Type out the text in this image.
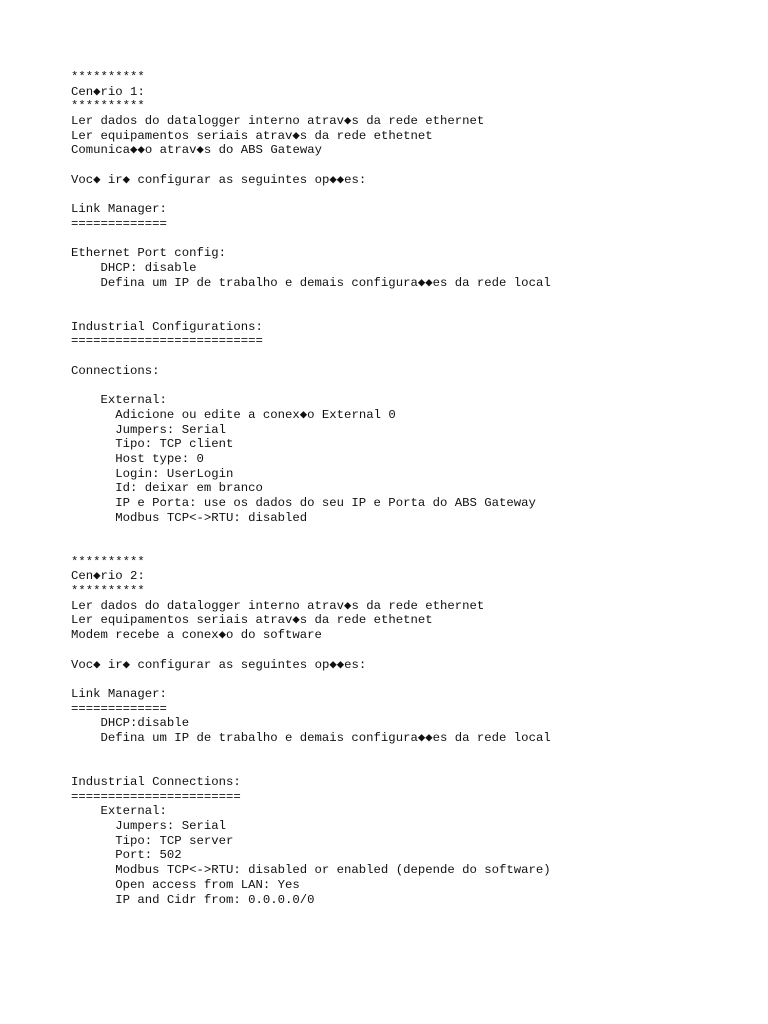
**********
Cen◆rio 1:
**********
Ler dados do datalogger interno atrav◆s da rede ethernet
Ler equipamentos seriais atrav◆s da rede ethetnet
Comunica◆◆o atrav◆s do ABS Gateway
Voc◆ ir◆ configurar as seguintes op◆◆es:
Link Manager:
=============
Ethernet Port config:
DHCP: disable
Defina um IP de trabalho e demais configura◆◆es da rede local
Industrial Configurations:
==========================
Connections:
External:
Adicione ou edite a conex◆o External 0
Jumpers: Serial
Tipo: TCP client
Host type: 0
Login: UserLogin
Id: deixar em branco
IP e Porta: use os dados do seu IP e Porta do ABS Gateway
Modbus TCP<->RTU: disabled
**********
Cen◆rio 2:
**********
Ler dados do datalogger interno atrav◆s da rede ethernet
Ler equipamentos seriais atrav◆s da rede ethetnet
Modem recebe a conex◆o do software
Voc◆ ir◆ configurar as seguintes op◆◆es:
Link Manager:
=============
DHCP:disable
Defina um IP de trabalho e demais configura◆◆es da rede local
Industrial Connections:
=======================
External:
Jumpers: Serial
Tipo: TCP server
Port: 502
Modbus TCP<->RTU: disabled or enabled (depende do software)
Open access from LAN: Yes
IP and Cidr from: 0.0.0.0/0
